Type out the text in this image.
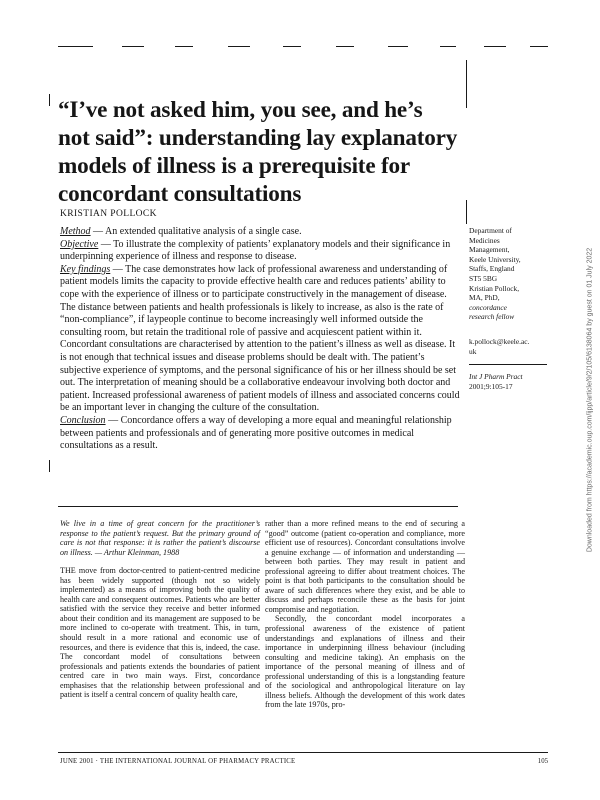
“I’ve not asked him, you see, and he’s
not said”: understanding lay explanatory
models of illness is a prerequisite for
concordant consultations
KRISTIAN POLLOCK

Method — An extended qualitative analysis of a single case.

Objective — To illustrate the complexity of patients’ explanatory models and their significance in underpinning experience of illness and response to disease.

Key findings — The case demonstrates how lack of professional awareness and understanding of patient models limits the capacity to provide effective health care and reduces patients’ ability to cope with the experience of illness or to participate constructively in the management of disease. The distance between patients and health professionals is likely to increase, as also is the rate of “non-compliance”, if laypeople continue to become increasingly well informed outside the consulting room, but retain the traditional role of passive and acquiescent patient within it. Concordant consultations are characterised by attention to the patient’s illness as well as disease. It is not enough that technical issues and disease problems should be dealt with. The patient’s subjective experience of symptoms, and the personal significance of his or her illness should be set out. The interpretation of meaning should be a collaborative endeavour involving both doctor and patient. Increased professional awareness of patient models of illness and associated concerns could be an important lever in changing the culture of the consultation.

Conclusion — Concordance offers a way of developing a more equal and meaningful relationship between patients and professionals and of generating more positive outcomes in medical consultations as a result.

Department of
Medicines
Management,
Keele University,
Staffs, England
ST5 5BG
Kristian Pollock,
MA, PhD,
concordance
research fellow
k.pollock@keele.ac.
uk
Int J Pharm Pract
2001;9:105-17

We live in a time of great concern for the practitioner’s response to the patient’s request. But the primary ground of care is not that response: it is rather the patient’s discourse on illness. — Arthur Kleinman, 1988

THE move from doctor-centred to patient-centred medicine has been widely supported (though not so widely implemented) as a means of improving both the quality of health care and consequent outcomes. Patients who are better satisfied with the service they receive and better informed about their condition and its management are supposed to be more inclined to co-operate with treatment. This, in turn, should result in a more rational and economic use of resources, and there is evidence that this is, indeed, the case. The concordant model of consultations between professionals and patients extends the boundaries of patient centred care in two main ways. First, concordance emphasises that the relationship between professional and patient is itself a central concern of quality health care,

rather than a more refined means to the end of securing a “good” outcome (patient co-operation and compliance, more efficient use of resources). Concordant consultations involve a genuine exchange — of information and understanding — between both parties. They may result in patient and professional agreeing to differ about treatment choices. The point is that both participants to the consultation should be aware of such differences where they exist, and be able to discuss and perhaps reconcile these as the basis for joint compromise and negotiation.

Secondly, the concordant model incorporates a professional awareness of the existence of patient understandings and explanations of illness and their importance in underpinning illness behaviour (including consulting and medicine taking). An emphasis on the importance of the personal meaning of illness and of professional understanding of this is a longstanding feature of the sociological and anthropological literature on lay illness beliefs. Although the development of this work dates from the late 1970s, pro-

JUNE 2001 · THE INTERNATIONAL JOURNAL OF PHARMACY PRACTICE	105
Downloaded from https://academic.oup.com/ijpp/article/9/2/105/6138064 by guest on 01 July 2022
